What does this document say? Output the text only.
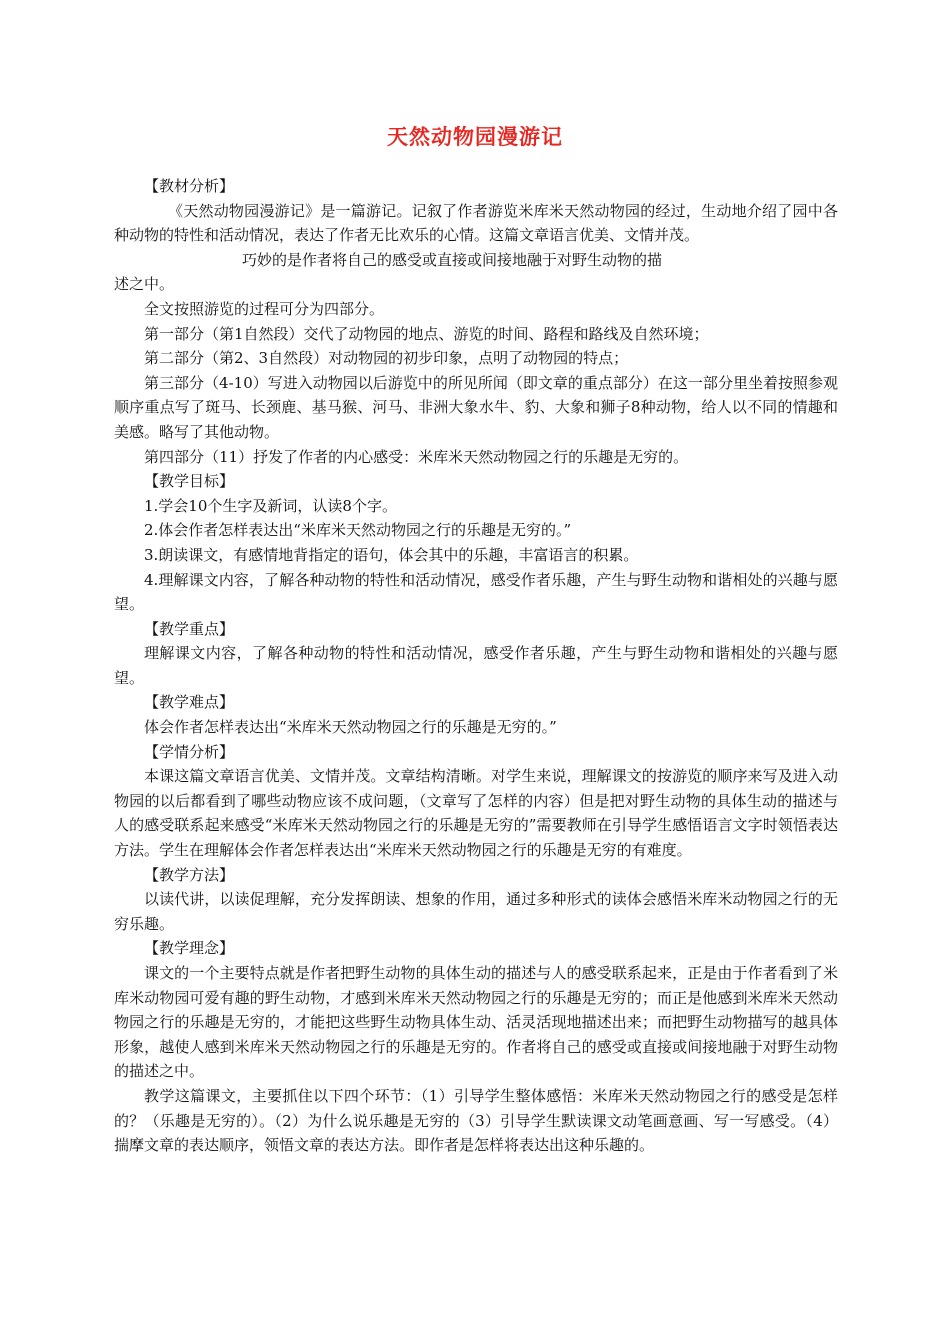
天然动物园漫游记

【教材分析】

《天然动物园漫游记》是一篇游记。记叙了作者游览米库米天然动物园的经过，生动地介绍了园中各种动物的特性和活动情况，表达了作者无比欢乐的心情。这篇文章语言优美、文情并茂。

巧妙的是作者将自己的感受或直接或间接地融于对野生动物的描

述之中。

全文按照游览的过程可分为四部分。

第一部分（第1自然段）交代了动物园的地点、游览的时间、路程和路线及自然环境；

第二部分（第2、3自然段）对动物园的初步印象，点明了动物园的特点；

第三部分（4-10）写进入动物园以后游览中的所见所闻（即文章的重点部分）在这一部分里坐着按照参观顺序重点写了斑马、长颈鹿、基马猴、河马、非洲大象水牛、豹、大象和狮子8种动物，给人以不同的情趣和美感。略写了其他动物。

第四部分（11）抒发了作者的内心感受：米库米天然动物园之行的乐趣是无穷的。

【教学目标】

1.学会10个生字及新词，认读8个字。

2.体会作者怎样表达出“米库米天然动物园之行的乐趣是无穷的。”

3.朗读课文，有感情地背指定的语句，体会其中的乐趣，丰富语言的积累。

4.理解课文内容，了解各种动物的特性和活动情况，感受作者乐趣，产生与野生动物和谐相处的兴趣与愿望。

【教学重点】

理解课文内容，了解各种动物的特性和活动情况，感受作者乐趣，产生与野生动物和谐相处的兴趣与愿望。

【教学难点】

体会作者怎样表达出“米库米天然动物园之行的乐趣是无穷的。”

【学情分析】

本课这篇文章语言优美、文情并茂。文章结构清晰。对学生来说，理解课文的按游览的顺序来写及进入动物园的以后都看到了哪些动物应该不成问题，（文章写了怎样的内容）但是把对野生动物的具体生动的描述与人的感受联系起来感受“米库米天然动物园之行的乐趣是无穷的”需要教师在引导学生感悟语言文字时领悟表达方法。学生在理解体会作者怎样表达出“米库米天然动物园之行的乐趣是无穷的有难度。

【教学方法】

以读代讲，以读促理解，充分发挥朗读、想象的作用，通过多种形式的读体会感悟米库米动物园之行的无穷乐趣。

【教学理念】

课文的一个主要特点就是作者把野生动物的具体生动的描述与人的感受联系起来，正是由于作者看到了米库米动物园可爱有趣的野生动物，才感到米库米天然动物园之行的乐趣是无穷的；而正是他感到米库米天然动物园之行的乐趣是无穷的，才能把这些野生动物具体生动、活灵活现地描述出来；而把野生动物描写的越具体形象，越使人感到米库米天然动物园之行的乐趣是无穷的。作者将自己的感受或直接或间接地融于对野生动物的描述之中。

教学这篇课文，主要抓住以下四个环节：（1）引导学生整体感悟：米库米天然动物园之行的感受是怎样的？（乐趣是无穷的）。（2）为什么说乐趣是无穷的（3）引导学生默读课文动笔画意画、写一写感受。（4）揣摩文章的表达顺序，领悟文章的表达方法。即作者是怎样将表达出这种乐趣的。
